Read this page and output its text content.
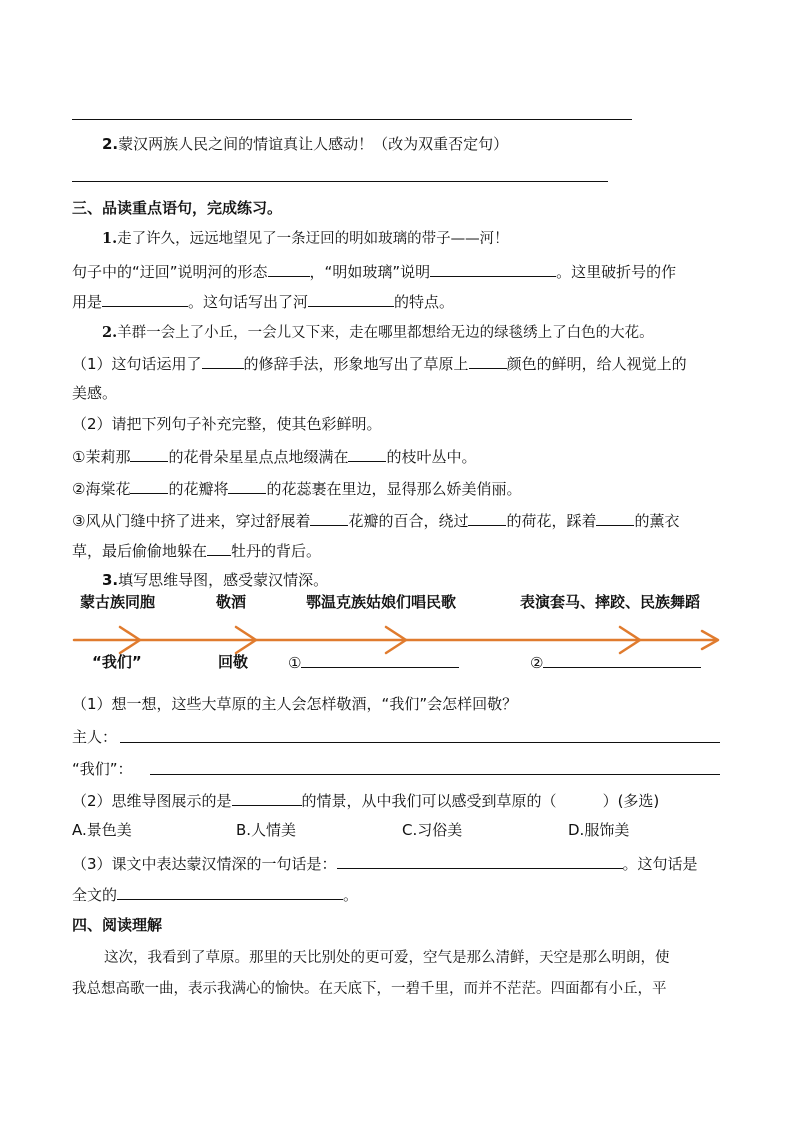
2.蒙汉两族人民之间的情谊真让人感动！（改为双重否定句）
三、品读重点语句，完成练习。
1.走了许久，远远地望见了一条迂回的明如玻璃的带子——河！
句子中的“迂回”说明河的形态	，“明如玻璃”说明	。这里破折号的作
用是	。这句话写出了河	的特点。
2.羊群一会上了小丘，一会儿又下来，走在哪里都想给无边的绿毯绣上了白色的大花。
（1）这句话运用了	的修辞手法，形象地写出了草原上	颜色的鲜明，给人视觉上的
美感。
（2）请把下列句子补充完整，使其色彩鲜明。
①茉莉那	的花骨朵星星点点地缀满在	的枝叶丛中。
②海棠花	的花瓣将	的花蕊裹在里边，显得那么娇美俏丽。
③风从门缝中挤了进来，穿过舒展着	花瓣的百合，绕过	的荷花，踩着	的薰衣
草，最后偷偷地躲在 牡丹的背后。
3.填写思维导图，感受蒙汉情深。
蒙古族同胞	敬酒	鄂温克族姑娘们唱民歌	表演套马、摔跤、民族舞蹈
“我们”	回敬	①	②
（1）想一想，这些大草原的主人会怎样敬酒，“我们”会怎样回敬？
主人：
“我们”：
（2）思维导图展示的是	的情景，从中我们可以感受到草原的（	）(多选)
A.景色美	B.人情美	C.习俗美	D.服饰美
（3）课文中表达蒙汉情深的一句话是：	。这句话是
全文的	。
四、阅读理解
这次，我看到了草原。那里的天比别处的更可爱，空气是那么清鲜，天空是那么明朗，使
我总想高歌一曲，表示我满心的愉快。在天底下，一碧千里，而并不茫茫。四面都有小丘，平
